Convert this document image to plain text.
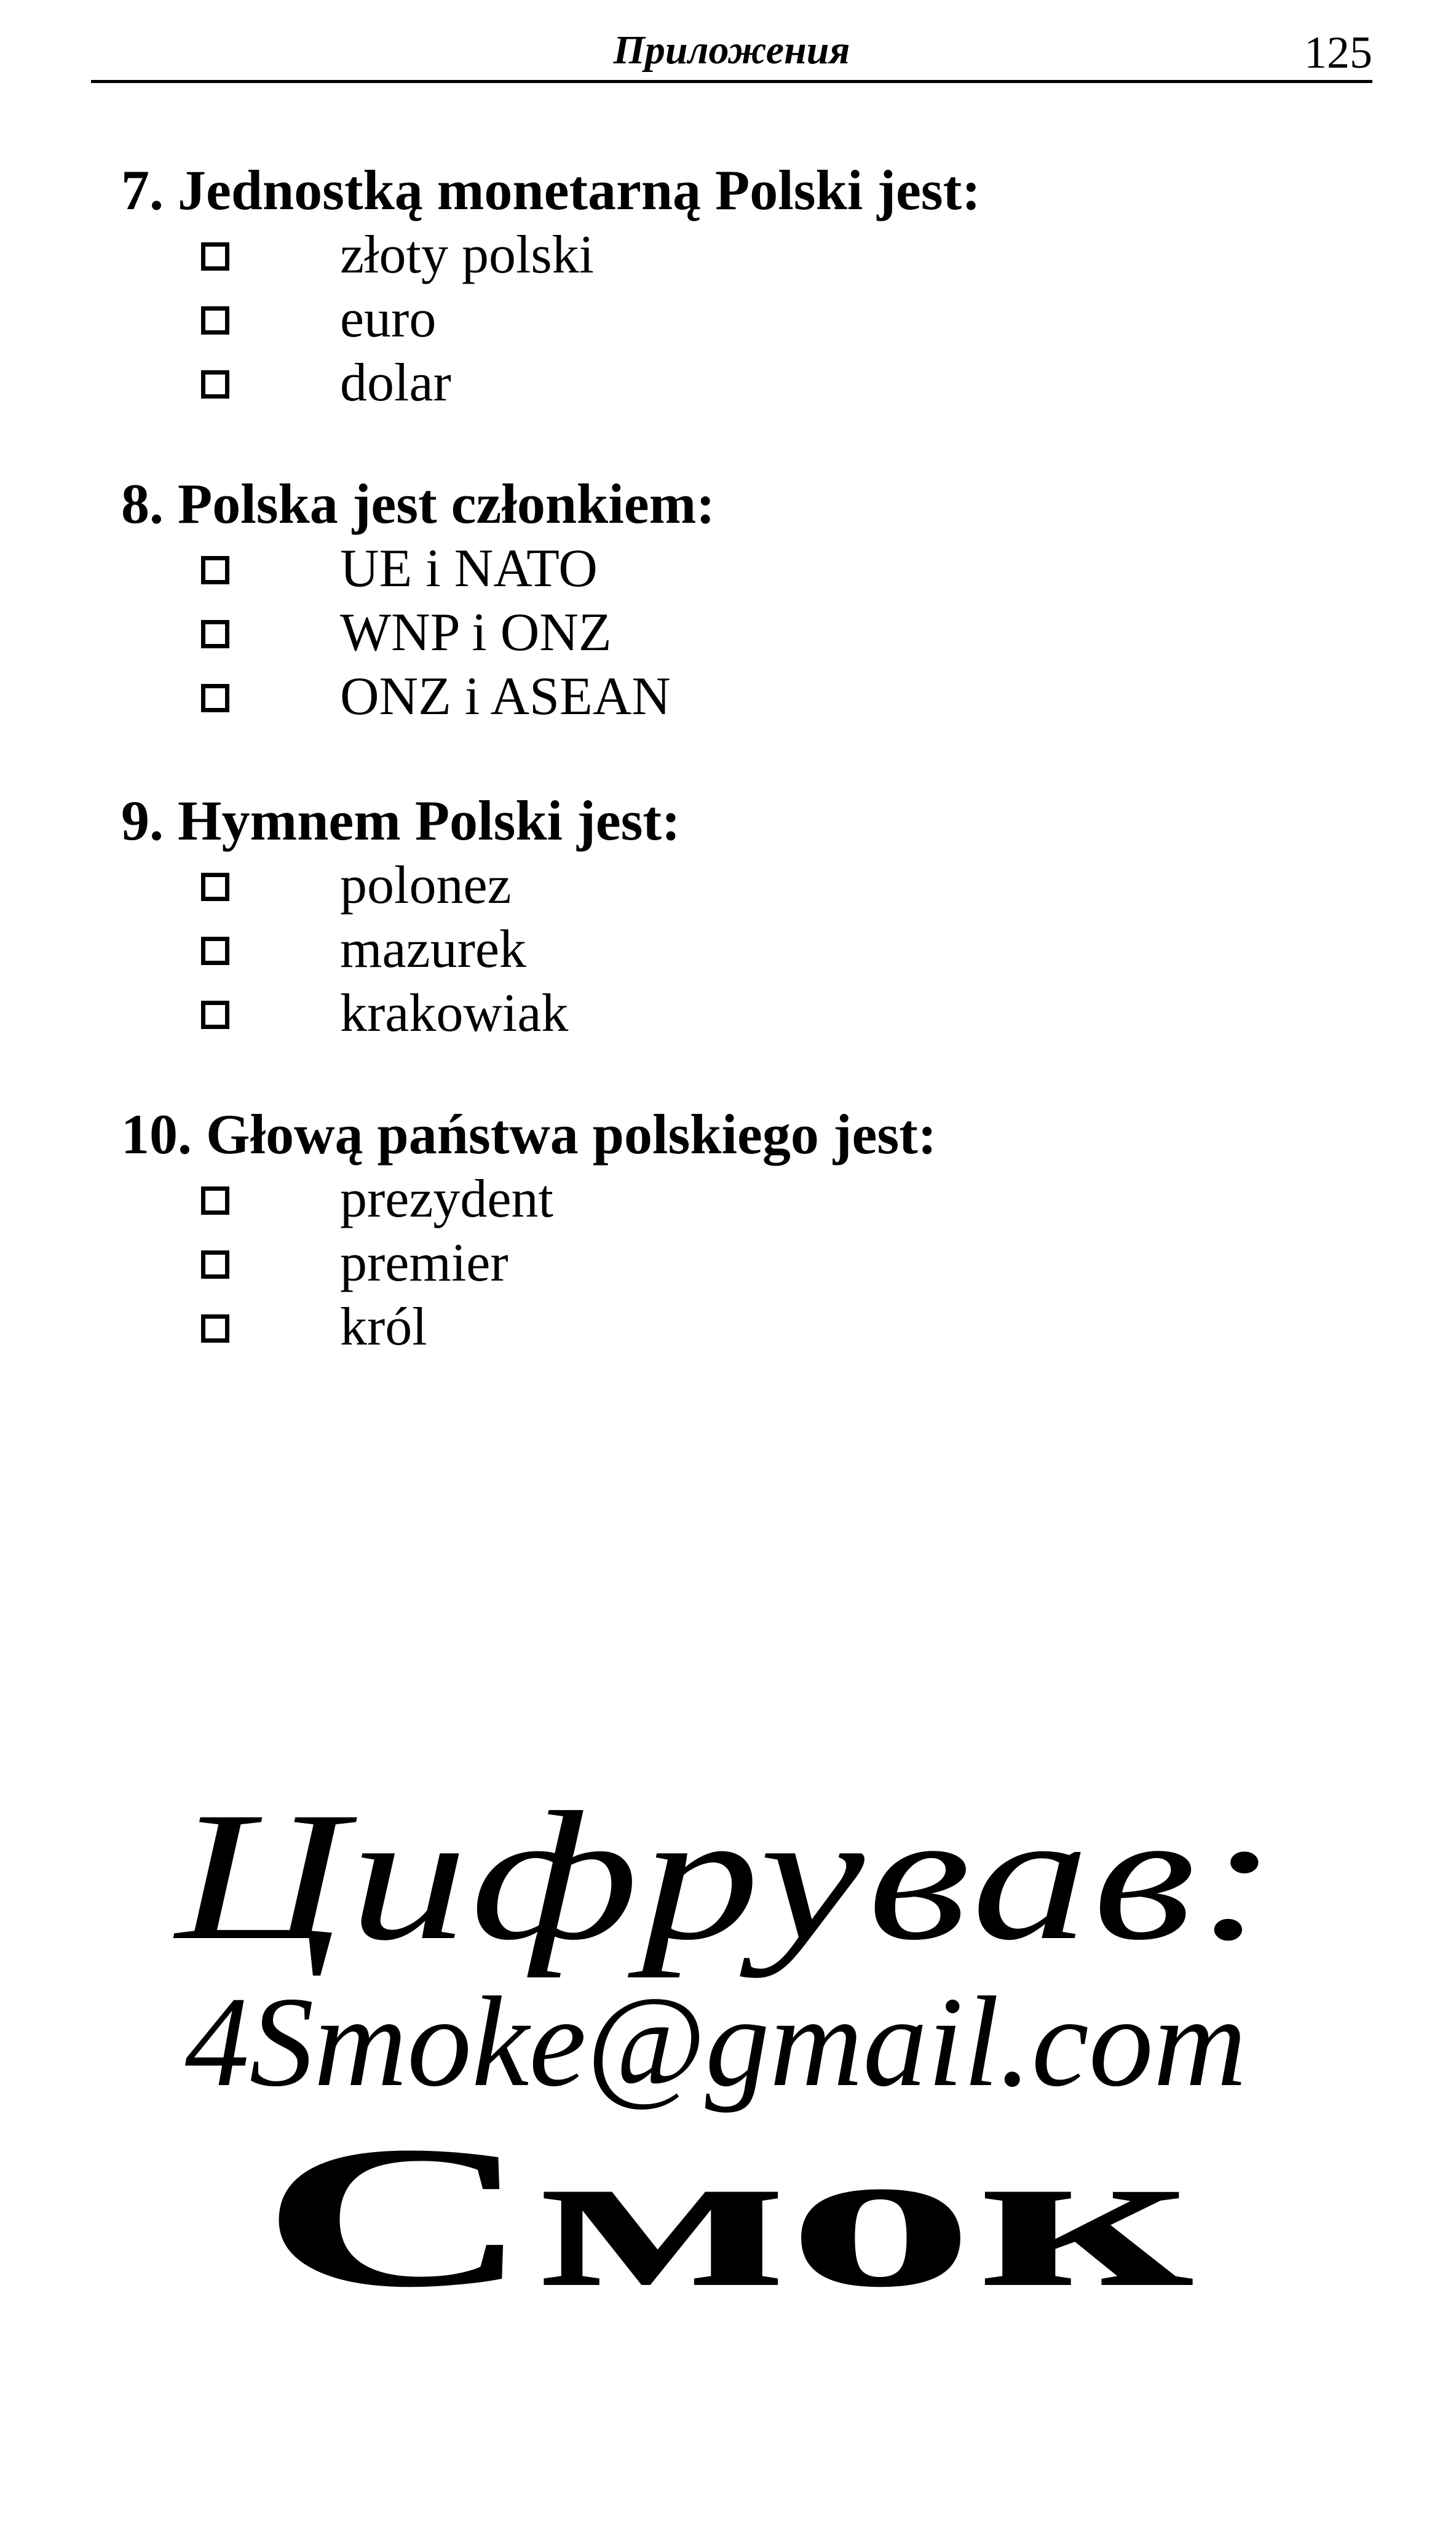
Приложения	125
7. Jednostką monetarną Polski jest:
złoty polski
euro
dolar
8. Polska jest członkiem:
UE i NATO
WNP i ONZ
ONZ i ASEAN
9. Hymnem Polski jest:
polonez
mazurek
krakowiak
10. Głową państwa polskiego jest:
prezydent
premier
król
Цифрував:
4Smoke@gmail.com
Смок
